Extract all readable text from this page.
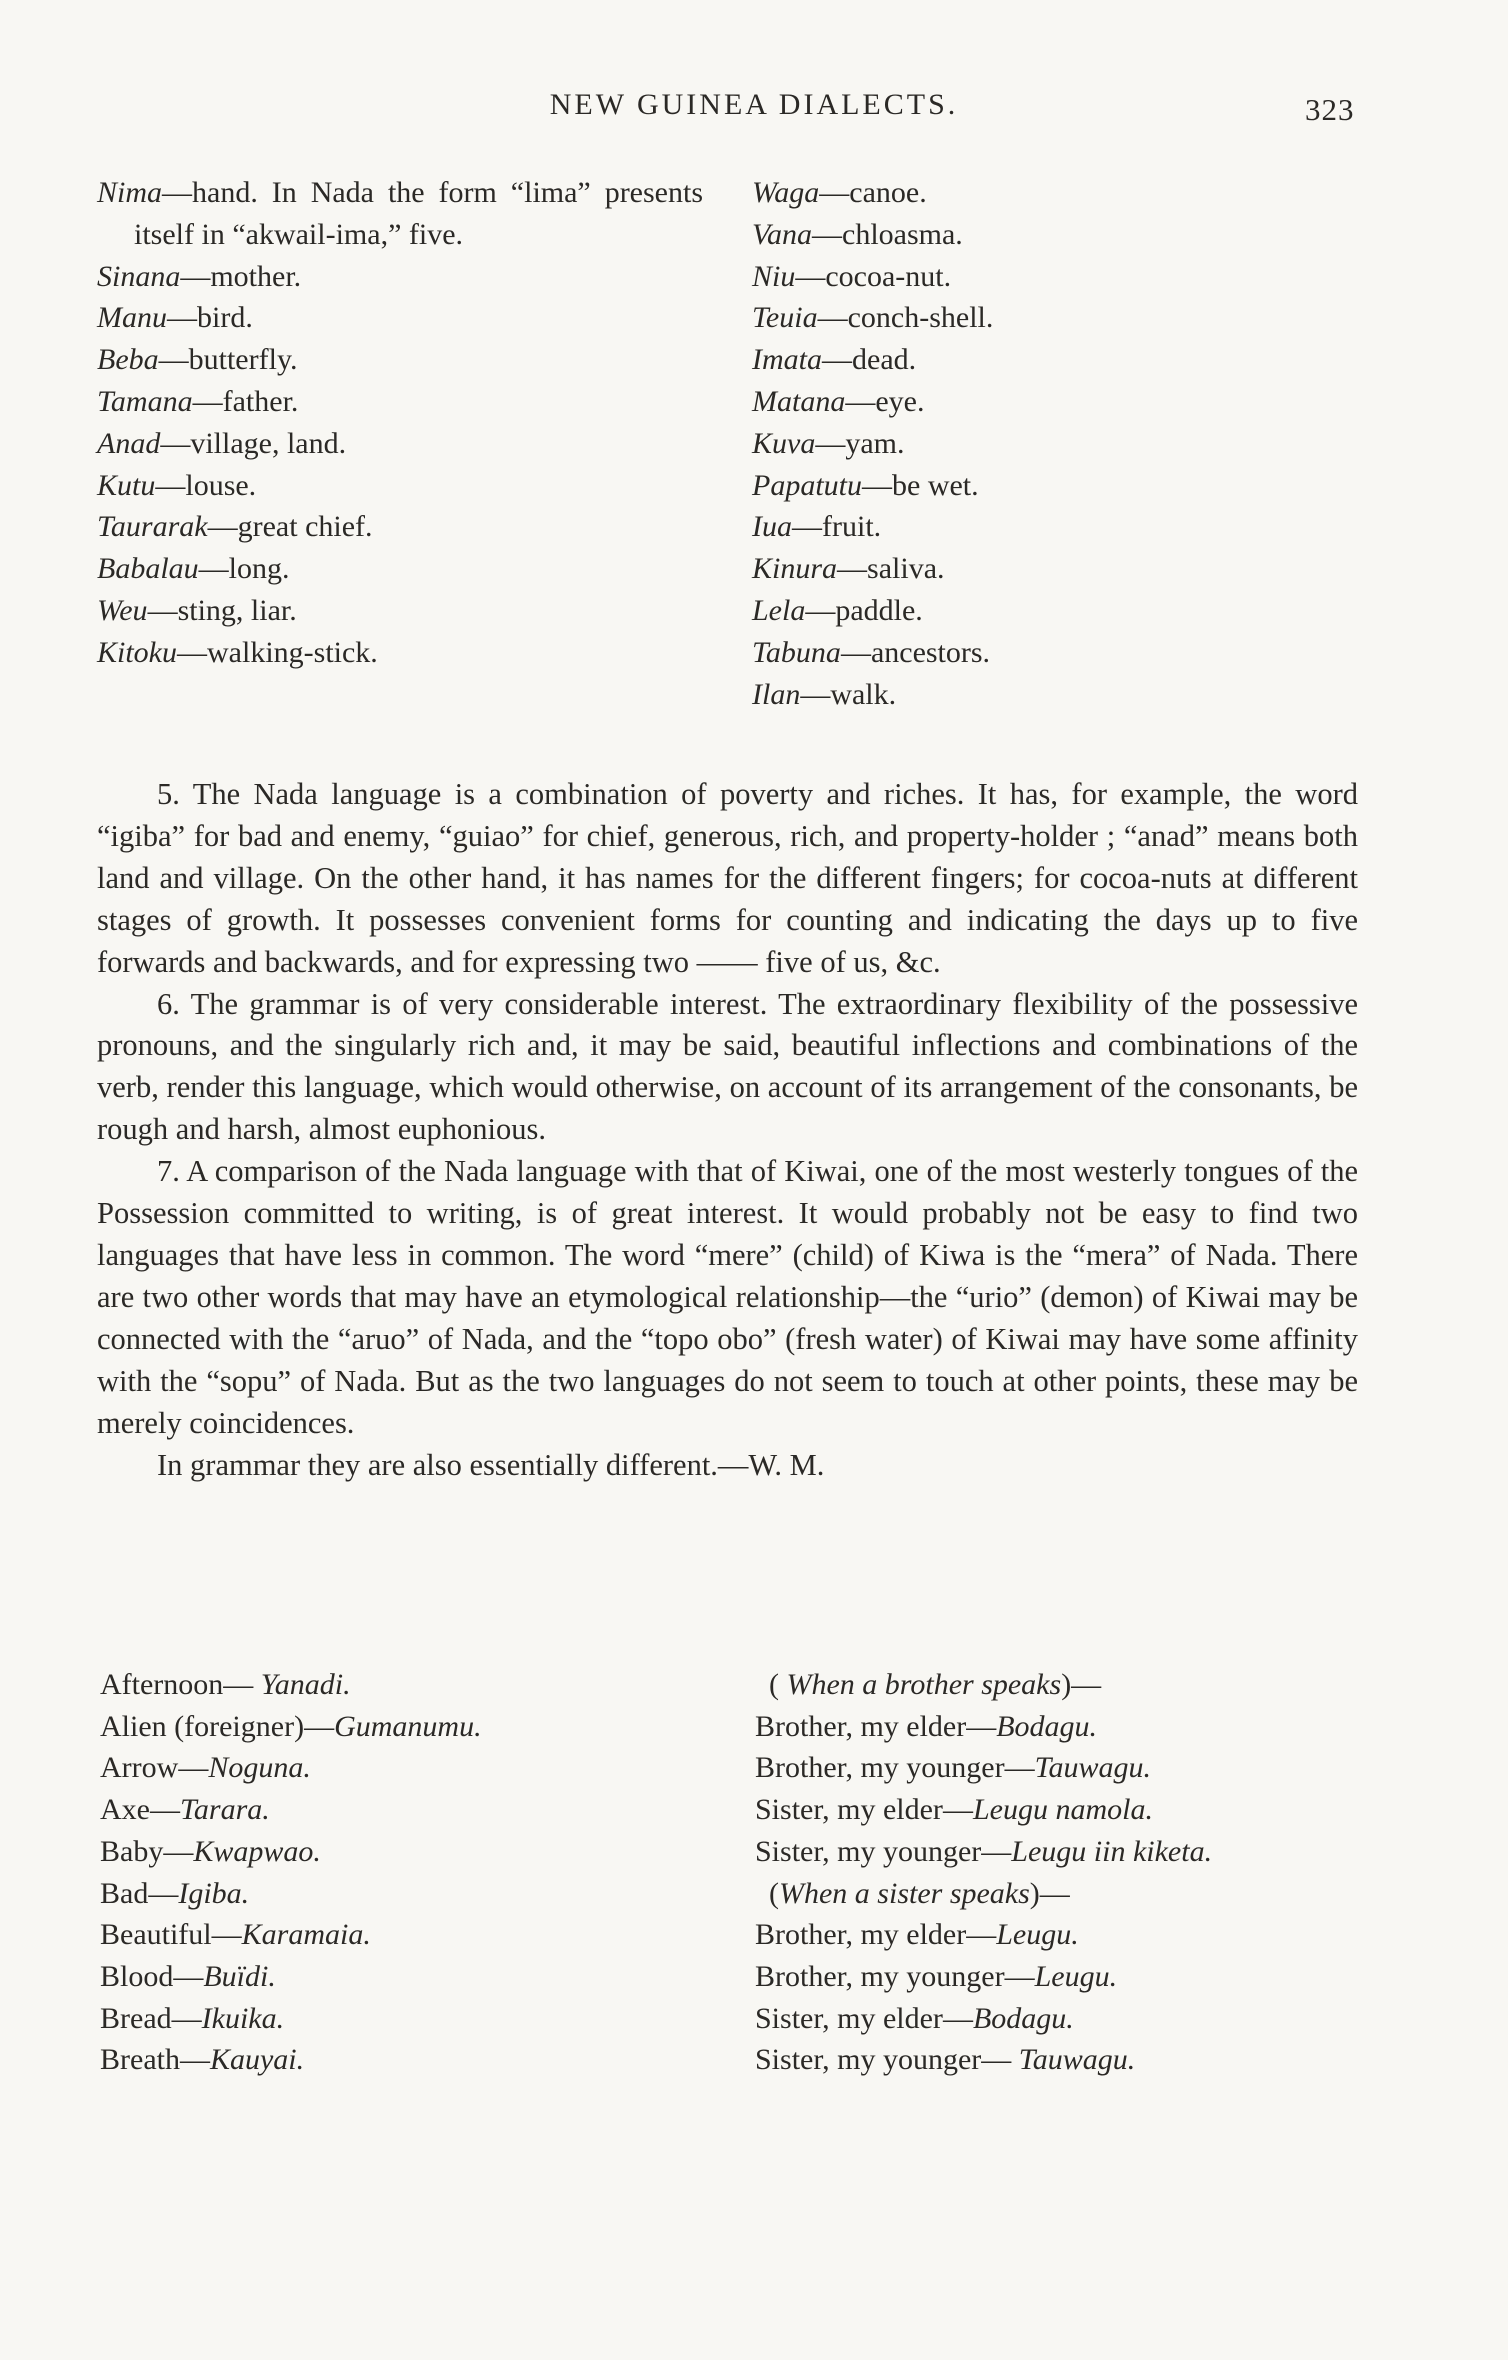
NEW GUINEA DIALECTS.	323
Nima—hand. In Nada the form “lima” presents itself in “akwail-ima,” five.
Sinana—mother.
Manu—bird.
Beba—butterfly.
Tamana—father.
Anad—village, land.
Kutu—louse.
Taurarak—great chief.
Babalau—long.
Weu—sting, liar.
Kitoku—walking-stick.
Waga—canoe.
Vana—chloasma.
Niu—cocoa-nut.
Teuia—conch-shell.
Imata—dead.
Matana—eye.
Kuva—yam.
Papatutu—be wet.
Iua—fruit.
Kinura—saliva.
Lela—paddle.
Tabuna—ancestors.
Ilan—walk.

5. The Nada language is a combination of poverty and riches. It has, for example, the word “igiba” for bad and enemy, “guiao” for chief, generous, rich, and property-holder ; “anad” means both land and village. On the other hand, it has names for the different fingers; for cocoa-nuts at different stages of growth. It possesses convenient forms for counting and indicating the days up to five forwards and backwards, and for expressing two —— five of us, &c.

6. The grammar is of very considerable interest. The extraordinary flexibility of the possessive pronouns, and the singularly rich and, it may be said, beautiful inflections and combinations of the verb, render this language, which would otherwise, on account of its arrangement of the consonants, be rough and harsh, almost euphonious.

7. A comparison of the Nada language with that of Kiwai, one of the most westerly tongues of the Possession committed to writing, is of great interest. It would probably not be easy to find two languages that have less in common. The word “mere” (child) of Kiwa is the “mera” of Nada. There are two other words that may have an etymological relationship—the “urio” (demon) of Kiwai may be connected with the “aruo” of Nada, and the “topo obo” (fresh water) of Kiwai may have some affinity with the “sopu” of Nada. But as the two languages do not seem to touch at other points, these may be merely coincidences.

In grammar they are also essentially different.—W. M.

Afternoon— Yanadi.
Alien (foreigner)—Gumanumu.
Arrow—Noguna.
Axe—Tarara.
Baby—Kwapwao.
Bad—Igiba.
Beautiful—Karamaia.
Blood—Buïdi.
Bread—Ikuika.
Breath—Kauyai.
( When a brother speaks)—
Brother, my elder—Bodagu.
Brother, my younger—Tauwagu.
Sister, my elder—Leugu namola.
Sister, my younger—Leugu iin kiketa.
(When a sister speaks)—
Brother, my elder—Leugu.
Brother, my younger—Leugu.
Sister, my elder—Bodagu.
Sister, my younger— Tauwagu.
